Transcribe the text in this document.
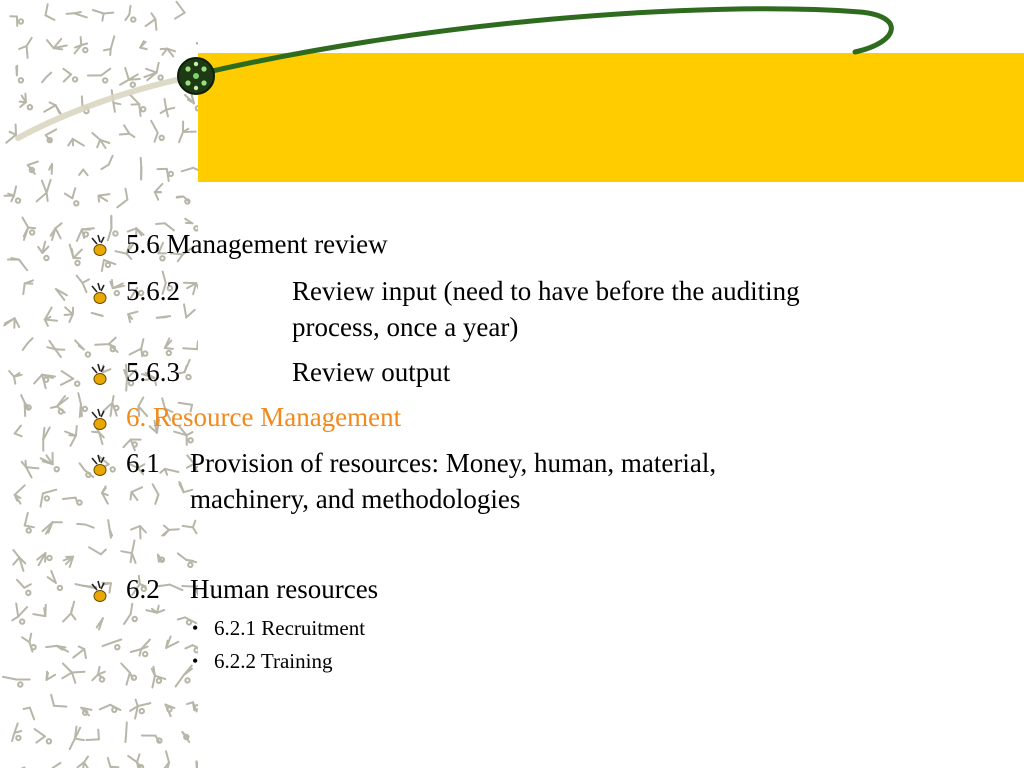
5.6 Management review
5.6.2	Review input (need to have before the auditing
process, once a year)
5.6.3	Review output
6. Resource Management
6.1 Provision of resources: Money, human, material,
machinery, and methodologies
6.2 Human resources
• 6.2.1 Recruitment
• 6.2.2 Training
